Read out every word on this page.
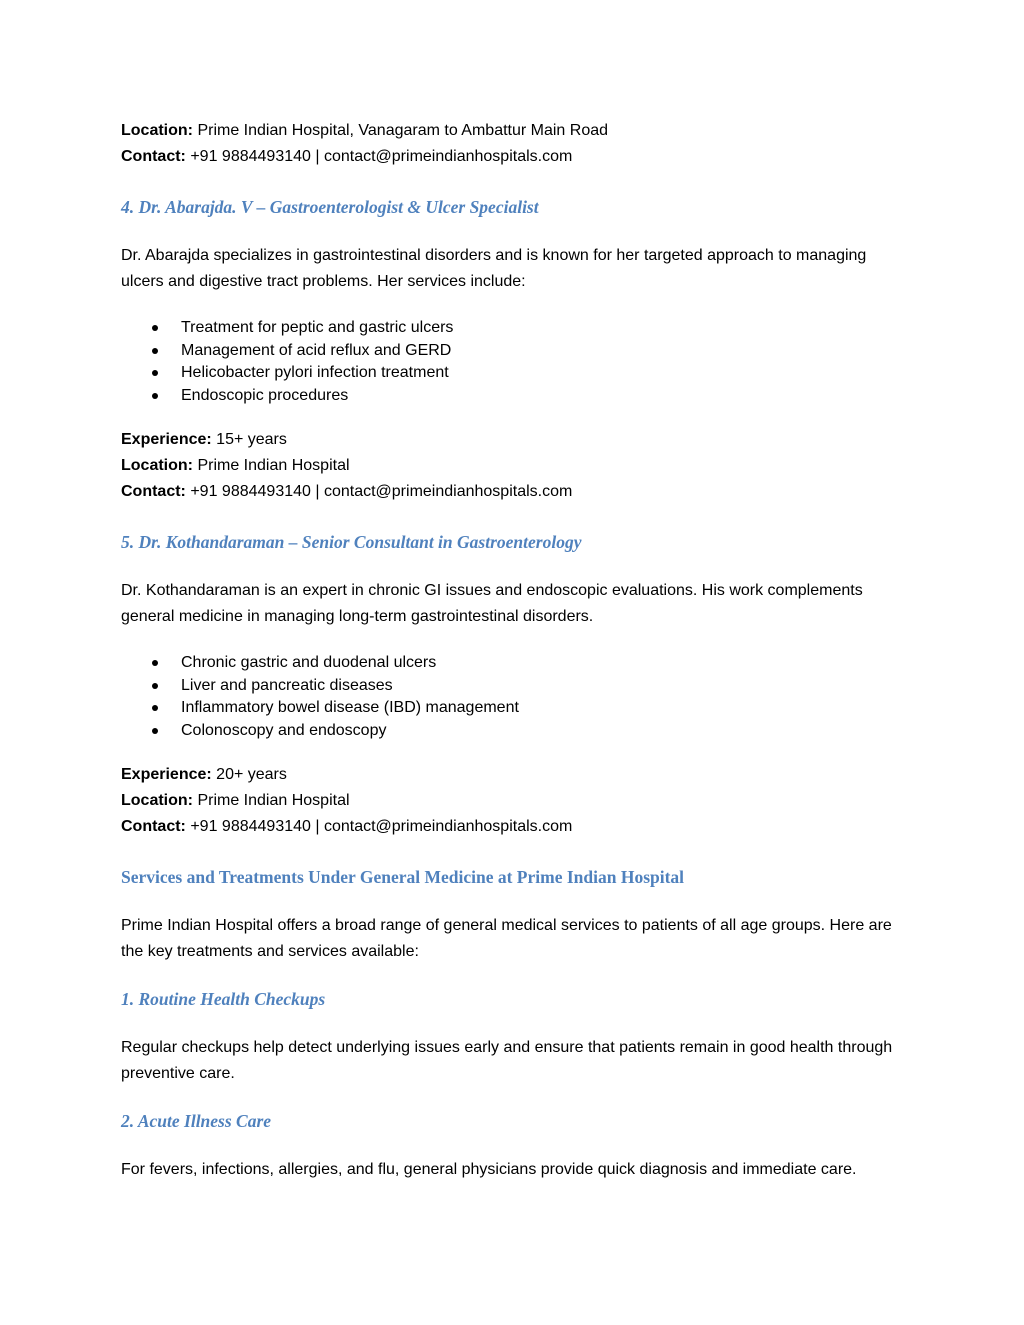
Location: Prime Indian Hospital, Vanagaram to Ambattur Main Road
Contact: +91 9884493140 | contact@primeindianhospitals.com
4. Dr. Abarajda. V – Gastroenterologist & Ulcer Specialist
Dr. Abarajda specializes in gastrointestinal disorders and is known for her targeted approach to managing ulcers and digestive tract problems. Her services include:
Treatment for peptic and gastric ulcers
Management of acid reflux and GERD
Helicobacter pylori infection treatment
Endoscopic procedures
Experience: 15+ years
Location: Prime Indian Hospital
Contact: +91 9884493140 | contact@primeindianhospitals.com
5. Dr. Kothandaraman – Senior Consultant in Gastroenterology
Dr. Kothandaraman is an expert in chronic GI issues and endoscopic evaluations. His work complements general medicine in managing long-term gastrointestinal disorders.
Chronic gastric and duodenal ulcers
Liver and pancreatic diseases
Inflammatory bowel disease (IBD) management
Colonoscopy and endoscopy
Experience: 20+ years
Location: Prime Indian Hospital
Contact: +91 9884493140 | contact@primeindianhospitals.com
Services and Treatments Under General Medicine at Prime Indian Hospital
Prime Indian Hospital offers a broad range of general medical services to patients of all age groups. Here are the key treatments and services available:
1. Routine Health Checkups
Regular checkups help detect underlying issues early and ensure that patients remain in good health through preventive care.
2. Acute Illness Care
For fevers, infections, allergies, and flu, general physicians provide quick diagnosis and immediate care.
